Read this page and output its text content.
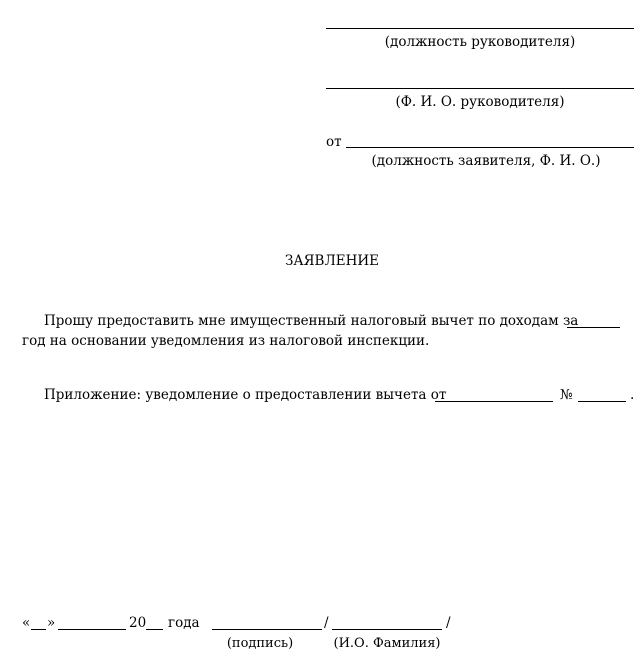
(должность руководителя)
(Ф. И. О. руководителя)
от
(должность заявителя, Ф. И. О.)
ЗАЯВЛЕНИЕ
Прошу предоставить мне имущественный налоговый вычет по доходам за
год на основании уведомления из налоговой инспекции.
Приложение: уведомление о предоставлении вычета от	№	.
« »	20 года	/	/
(подпись)	(И.О. Фамилия)
